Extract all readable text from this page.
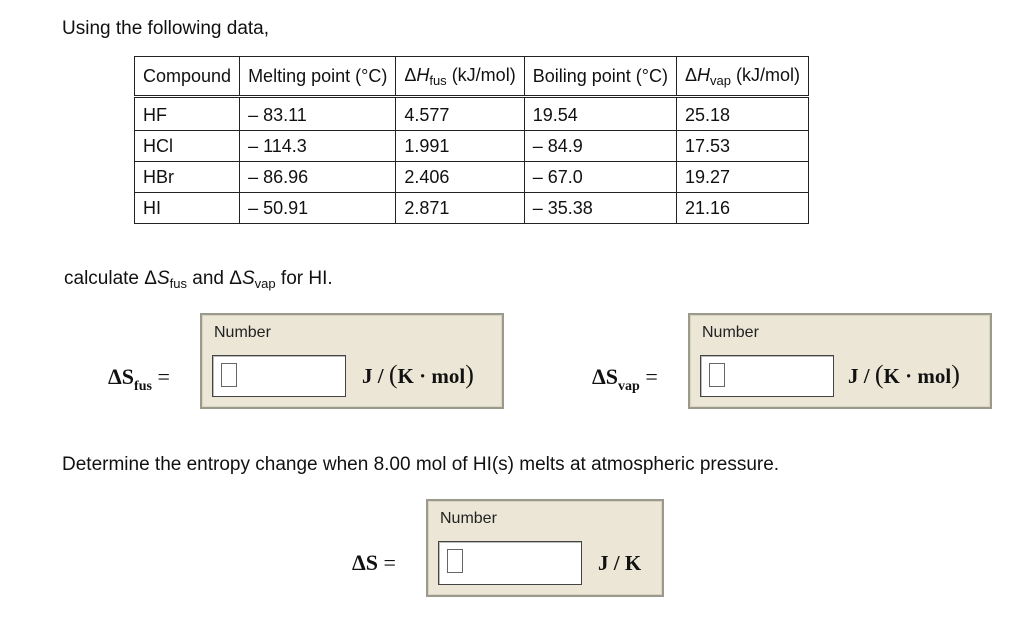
Using the following data,
Compound	Melting point (°C)	$\Delta H_{fus}$ (kJ/mol)	Boiling point (°C)	$\Delta H_{vap}$ (kJ/mol)
HF	– 83.11	4.577	19.54	25.18
HCl	– 114.3	1.991	– 84.9	17.53
HBr	– 86.96	2.406	– 67.0	19.27
HI	– 50.91	2.871	– 35.38	21.16
calculate $\Delta S_{fus}$ and $\Delta S_{vap}$ for HI.
$\Delta S_{fus}$ =
Number
J / (K · mol)	$\Delta S_{vap}$ =
Number
J / (K · mol)
Determine the entropy change when 8.00 mol of HI(s) melts at atmospheric pressure.
ΔS =
Number
J / K
